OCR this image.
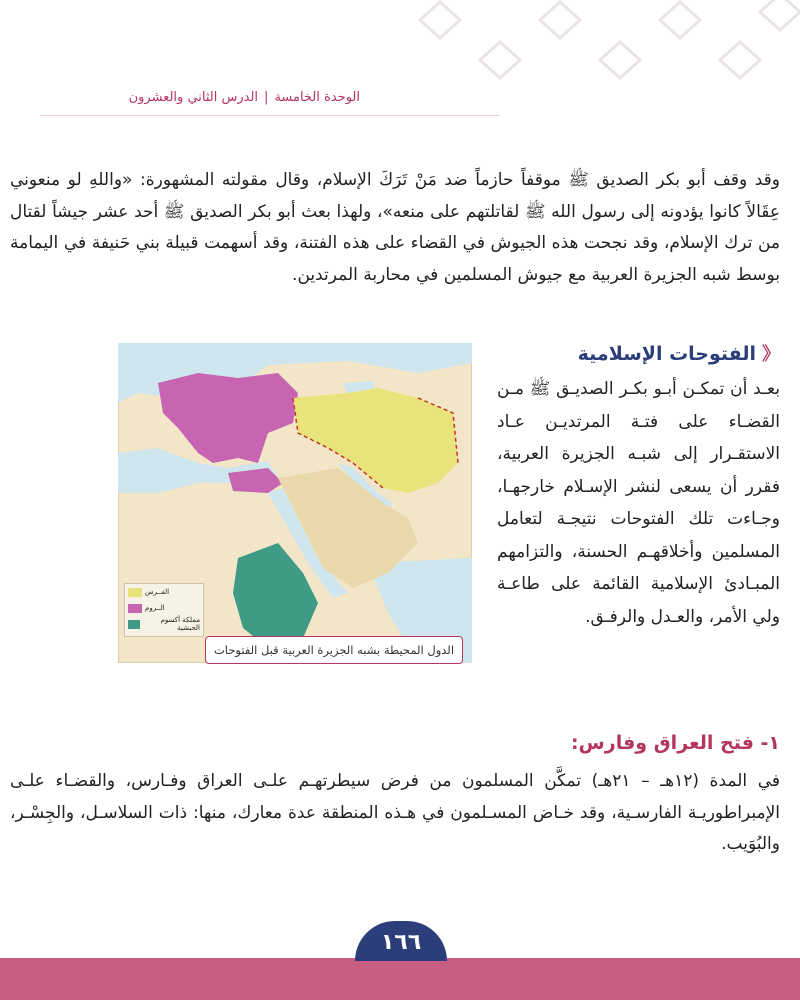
الوحدة الخامسة|الدرس الثاني والعشرون
وقد وقف أبو بكر الصديق ﷺ موقفاً حازماً ضد مَنْ تَرَكَ الإسلام، وقال مقولته المشهورة: «واللهِ لو منعوني عِقَالاً كانوا يؤدونه إلى رسول الله ﷺ لقاتلتهم على منعه»، ولهذا بعث أبو بكر الصديق ﷺ أحد عشر جيشاً لقتال من ترك الإسلام، وقد نجحت هذه الجيوش في القضاء على هذه الفتنة، وقد أسهمت قبيلة بني حَنيفة في اليمامة بوسط شبه الجزيرة العربية مع جيوش المسلمين في محاربة المرتدين.
《الفتوحات الإسلامية
بعـد أن تمكـن أبـو بكـر الصديـق ﷺ مـن القضـاء على فتـة المرتديـن عـاد الاستقـرار إلى شبـه الجزيرة العربية، فقرر أن يسعى لنشر الإسـلام خارجهـا، وجـاءت تلك الفتوحات نتيجـة لتعامل المسلمين وأخلاقهـم الحسنة، والتزامهم المبـادئ الإسلامية القائمة على طاعـة ولي الأمر، والعـدل والرفـق.
الفــرس
الــروم
مملكة أكسوم الحبشية
الدول المحيطة بشبه الجزيرة العربية قبل الفتوحات
١- فتح العراق وفارس:
في المدة (١٢هـ – ٢١هـ) تمكَّن المسلمون من فرض سيطرتهـم علـى العراق وفـارس، والقضـاء علـى الإمبراطوريـة الفارسـية، وقد خـاض المسـلمون في هـذه المنطقة عدة معارك، منها: ذات السلاسـل، والجِسْـر، والبُوَيب.
١٦٦
